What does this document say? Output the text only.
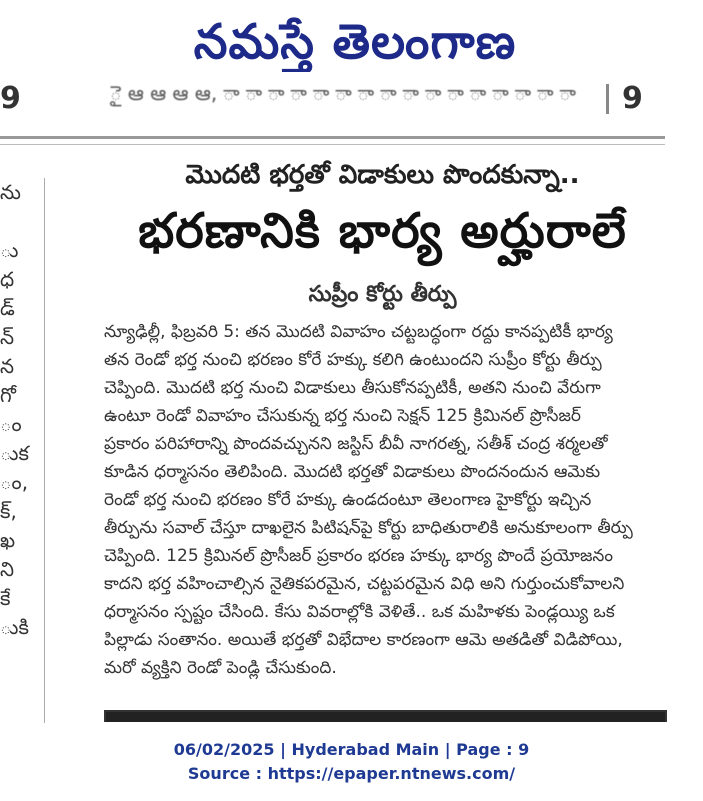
నమస్తే తెలంగాణ
9	ై ఆ ఆ ఆ ఆ, ా ా ా ా ా ా ా ా ా ా ా ా ా ా ా ా	9
ను
ు
ధ
డ్
న్
న
గో
ం
ుక
ం,
క్,
ఖ
ని
కే
ుకి
మొదటి భర్తతో విడాకులు పొందకున్నా..
భరణానికి భార్య అర్హురాలే
సుప్రీం కోర్టు తీర్పు
న్యూఢిల్లీ, ఫిబ్రవరి 5: తన మొదటి వివాహం చట్టబద్ధంగా రద్దు కానప్పటికీ భార్య
తన రెండో భర్త నుంచి భరణం కోరే హక్కు కలిగి ఉంటుందని సుప్రీం కోర్టు తీర్పు
చెప్పింది. మొదటి భర్త నుంచి విడాకులు తీసుకోనప్పటికీ, అతని నుంచి వేరుగా
ఉంటూ రెండో వివాహం చేసుకున్న భర్త నుంచి సెక్షన్ 125 క్రిమినల్ ప్రొసీజర్
ప్రకారం పరిహారాన్ని పొందవచ్చునని జస్టిస్ బీవీ నాగరత్న, సతీశ్ చంద్ర శర్మలతో
కూడిన ధర్మాసనం తెలిపింది. మొదటి భర్తతో విడాకులు పొందనందున ఆమెకు
రెండో భర్త నుంచి భరణం కోరే హక్కు ఉండదంటూ తెలంగాణ హైకోర్టు ఇచ్చిన
తీర్పును సవాల్ చేస్తూ దాఖలైన పిటిషన్‌పై కోర్టు బాధితురాలికి అనుకూలంగా తీర్పు
చెప్పింది. 125 క్రిమినల్ ప్రొసీజర్ ప్రకారం భరణ హక్కు భార్య పొందే ప్రయోజనం
కాదని భర్త వహించాల్సిన నైతికపరమైన, చట్టపరమైన విధి అని గుర్తుంచుకోవాలని
ధర్మాసనం స్పష్టం చేసింది. కేసు వివరాల్లోకి వెళితే.. ఒక మహిళకు పెండ్లయ్యి ఒక
పిల్లాడు సంతానం. అయితే భర్తతో విభేదాల కారణంగా ఆమె అతడితో విడిపోయి,
మరో వ్యక్తిని రెండో పెండ్లి చేసుకుంది.
06/02/2025 | Hyderabad Main | Page : 9
Source : https://epaper.ntnews.com/
